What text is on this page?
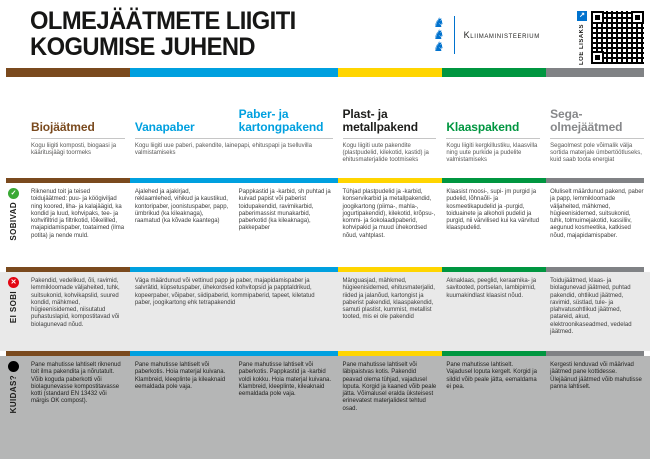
OLMEJÄÄTMETE LIIGITI
KOGUMISE JUHEND
♞
♞
♞
Kliimaministeerium
↗
LOE LISAKS
Biojäätmed	Vanapaber
Paber- ja kartongpakend
Plast- ja metallpakend	Klaaspakend
Sega-olmejäätmed
Kogu liigiti komposti, biogaasi ja kääritusjäägi toormeks
Kogu liigiti uue paberi, pakendite, lainepapi, ehituspapi ja tselluvilla valmistamiseks
Kogu liigiti uute pakendite (plastpudelid, kilekotid, kastid) ja ehitusmaterjalide tootmiseks
Kogu liigiti kergkillustiku, klaasvilla ning uute purkide ja pudelite valmistamiseks
Segaolmest pole võimalik välja sortida materjale ümbertöötluseks, kuid saab toota energiat
✓
SOBIVAD
Riknenud toit ja teised toidujäätmed: puu- ja köögiviljad ning koored, liha- ja kalajäägid, ka kondid ja luud, kohvipaks, tee- ja kohvifiltrid ja filtrikotid, lõikelilled, majapidamispaber, toataimed (ilma potita) ja nende muld.
Ajalehed ja ajakirjad, reklaamlehed, vihikud ja kaustikud, kontoripaber, joonistuspaber, papp, ümbrikud (ka kileaknaga), raamatud (ka kõvade kaantega)
Pappkastid ja -karbid, sh puhtad ja kuivad papist või paberist toidupakendid, ravimikarbid, paberimassist munakarbid, paberkotid (ka kileaknaga), pakkepaber
Tühjad plastpudelid ja -karbid, konservikarbid ja metallpakendid, joogikartong (piima-, mahla-, jogurtipakendid), kilekotid, krõpsu-, kommi- ja šokolaadipaberid, kohvipakid ja muud ühekordsed nõud, vahtplast.
Klaasist moosi-, supi- jm purgid ja pudelid, lõhnaõli- ja kosmeetikapudelid ja -purgid, toiduainete ja alkoholi pudelid ja purgid, nii värvilised kui ka värvitud klaaspudelid.
Oluliselt määrdunud pakend, paber ja papp, lemmikloomade väljaheited, mähkmed, hügieenisidemed, suitsukonid, tuhk, tolmuimejakotid, kassiliiv, aegunud kosmeetika, katkised nõud, majapidamispaber.
✕
EI SOBI
Pakendid, vedelikud, õli, ravimid, lemmikloomade väljaheited, tuhk, suitsukonid, kohvikapslid, suured kondid, mähkmed, hügieenisidemed, niisutatud puhastuslapid, kompostitavad või biolagunevad nõud.
Väga määrdunud või vettinud papp ja paber, majapidamispaber ja salvrätid, küpsetuspaber, ühekordsed kohvitopsid ja papptaldrikud, kopeerpaber, võipaber, siidipaberid, kommipaberid, tapeet, kiletatud paber, joogikartong ehk tetrapakendid
Mänguasjad, mähkmed, hügieenisidemed, ehitusmaterjalid, riided ja jalanõud, kartongist ja paberist pakendid, klaaspakendid, samuti plastist, kummist, metallist tooted, mis ei ole pakendid
Aknaklaas, peeglid, keraamika- ja savitooted, portselan, lambipirnid, kuumakindlast klaasist nõud.
Toidujäätmed, klaas- ja biolagunevad jäätmed, puhtad pakendid, ohtlikud jäätmed, ravimid, süstlad, tule- ja plahvatusohtlikud jäätmed, patareid, akud, elektroonikaseadmed, vedelad jäätmed.
KUIDAS?
Pane mahutisse lahtiselt riknenud toit ilma pakendita ja nõrutatult. Võib koguda paberkotti või biolagunevasse kompostitavasse kotti (standard EN 13432 või märgis OK compost).
Pane mahutisse lahtiselt või paberkotis. Hoia materjal kuivana. Klambreid, kleeplinte ja kileaknaid eemaldada pole vaja.
Pane mahutisse lahtiselt või paberkotis. Pappkastid ja -karbid voldi kokku. Hoia materjal kuivana. Klambreid, kleeplinte, kileaknaid eemaldada pole vaja.
Pane mahutisse lahtiselt või läbipaistvas kotis. Pakendid peavad olema tühjad, vajadusel loputa. Korgid ja kaaned võib peale jätta. Võimalusel eralda üksteisest erinevatest materjalidest tehtud osad.
Pane mahutisse lahtiselt. Vajadusel loputa kergelt. Korgid ja sildid võib peale jätta, eemaldama ei pea.
Kergesti lenduvad või määrivad jäätmed pane kottidesse. Ülejäänud jäätmed võib mahutisse panna lahtiselt.
